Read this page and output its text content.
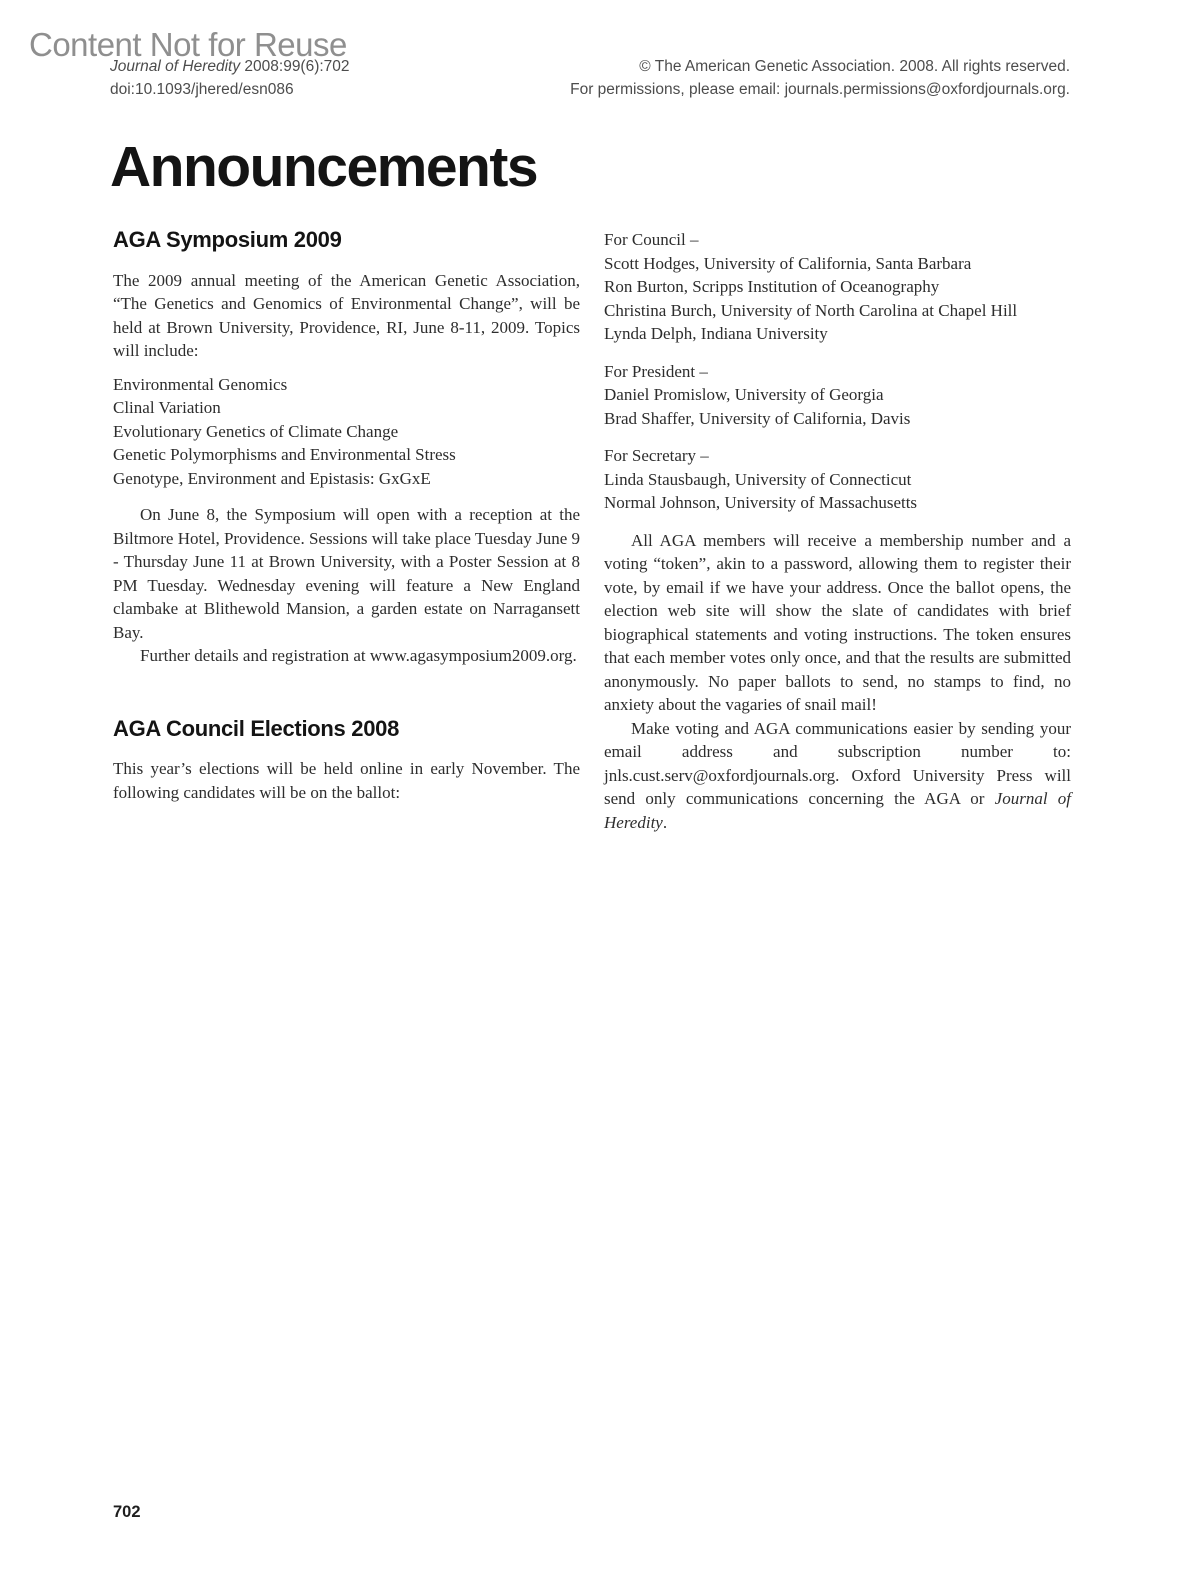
Content Not for Reuse
Journal of Heredity 2008:99(6):702
doi:10.1093/jhered/esn086
© The American Genetic Association. 2008. All rights reserved.
For permissions, please email: journals.permissions@oxfordjournals.org.
Announcements
AGA Symposium 2009

The 2009 annual meeting of the American Genetic Association, “The Genetics and Genomics of Environmental Change”, will be held at Brown University, Providence, RI, June 8-11, 2009. Topics will include:

Environmental Genomics
Clinal Variation
Evolutionary Genetics of Climate Change
Genetic Polymorphisms and Environmental Stress
Genotype, Environment and Epistasis: GxGxE

On June 8, the Symposium will open with a reception at the Biltmore Hotel, Providence. Sessions will take place Tuesday June 9 - Thursday June 11 at Brown University, with a Poster Session at 8 PM Tuesday. Wednesday evening will feature a New England clambake at Blithewold Mansion, a garden estate on Narragansett Bay.

Further details and registration at www.agasymposium2009.org.

AGA Council Elections 2008

This year’s elections will be held online in early November. The following candidates will be on the ballot:

For Council –
Scott Hodges, University of California, Santa Barbara
Ron Burton, Scripps Institution of Oceanography
Christina Burch, University of North Carolina at Chapel Hill
Lynda Delph, Indiana University
For President –
Daniel Promislow, University of Georgia
Brad Shaffer, University of California, Davis
For Secretary –
Linda Stausbaugh, University of Connecticut
Normal Johnson, University of Massachusetts

All AGA members will receive a membership number and a voting “token”, akin to a password, allowing them to register their vote, by email if we have your address. Once the ballot opens, the election web site will show the slate of candidates with brief biographical statements and voting instructions. The token ensures that each member votes only once, and that the results are submitted anonymously. No paper ballots to send, no stamps to find, no anxiety about the vagaries of snail mail!

Make voting and AGA communications easier by sending your email address and subscription number to: jnls.cust.serv@oxfordjournals.org. Oxford University Press will send only communications concerning the AGA or Journal of Heredity.

702
